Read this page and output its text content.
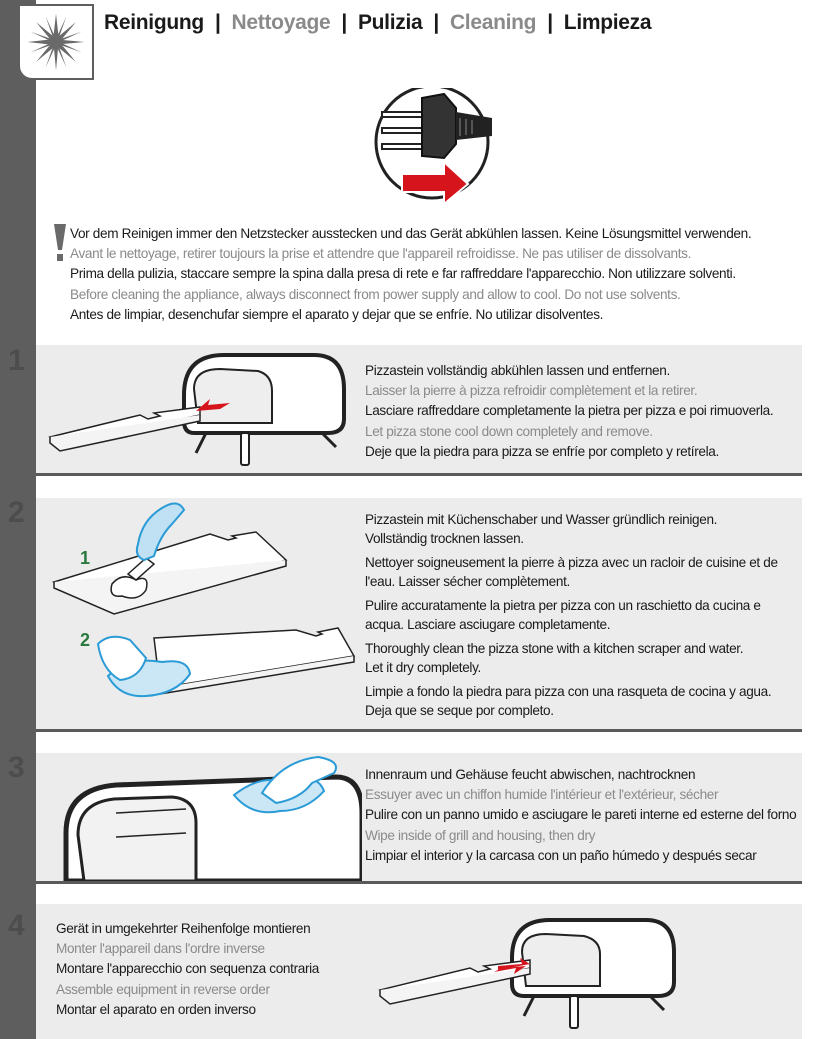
Reinigung | Nettoyage | Pulizia | Cleaning | Limpieza

Vor dem Reinigen immer den Netzstecker ausstecken und das Gerät abkühlen lassen. Keine Lösungsmittel verwenden.

Avant le nettoyage, retirer toujours la prise et attendre que l'appareil refroidisse. Ne pas utiliser de dissolvants.

Prima della pulizia, staccare sempre la spina dalla presa di rete e far raffreddare l'apparecchio. Non utilizzare solventi.

Before cleaning the appliance, always disconnect from power supply and allow to cool. Do not use solvents.

Antes de limpiar, desenchufar siempre el aparato y dejar que se enfríe. No utilizar disolventes.

1	Pizzastein vollständig abkühlen lassen und entfernen.

Laisser la pierre à pizza refroidir complètement et la retirer.

Lasciare raffreddare completamente la pietra per pizza e poi rimuoverla.

Let pizza stone cool down completely and remove.

Deje que la piedra para pizza se enfríe por completo y retírela.

2
1
2

Pizzastein mit Küchenschaber und Wasser gründlich reinigen.

Vollständig trocknen lassen.

Nettoyer soigneusement la pierre à pizza avec un racloir de cuisine et de

l'eau. Laisser sécher complètement.

Pulire accuratamente la pietra per pizza con un raschietto da cucina e

acqua. Lasciare asciugare completamente.

Thoroughly clean the pizza stone with a kitchen scraper and water.

Let it dry completely.

Limpie a fondo la piedra para pizza con una rasqueta de cocina y agua.

Deja que se seque por completo.

3	Innenraum und Gehäuse feucht abwischen, nachtrocknen

Essuyer avec un chiffon humide l'intérieur et l'extérieur, sécher

Pulire con un panno umido e asciugare le pareti interne ed esterne del forno

Wipe inside of grill and housing, then dry

Limpiar el interior y la carcasa con un paño húmedo y después secar

4 Gerät in umgekehrter Reihenfolge montieren

Monter l'appareil dans l'ordre inverse

Montare l'apparecchio con sequenza contraria

Assemble equipment in reverse order

Montar el aparato en orden inverso
